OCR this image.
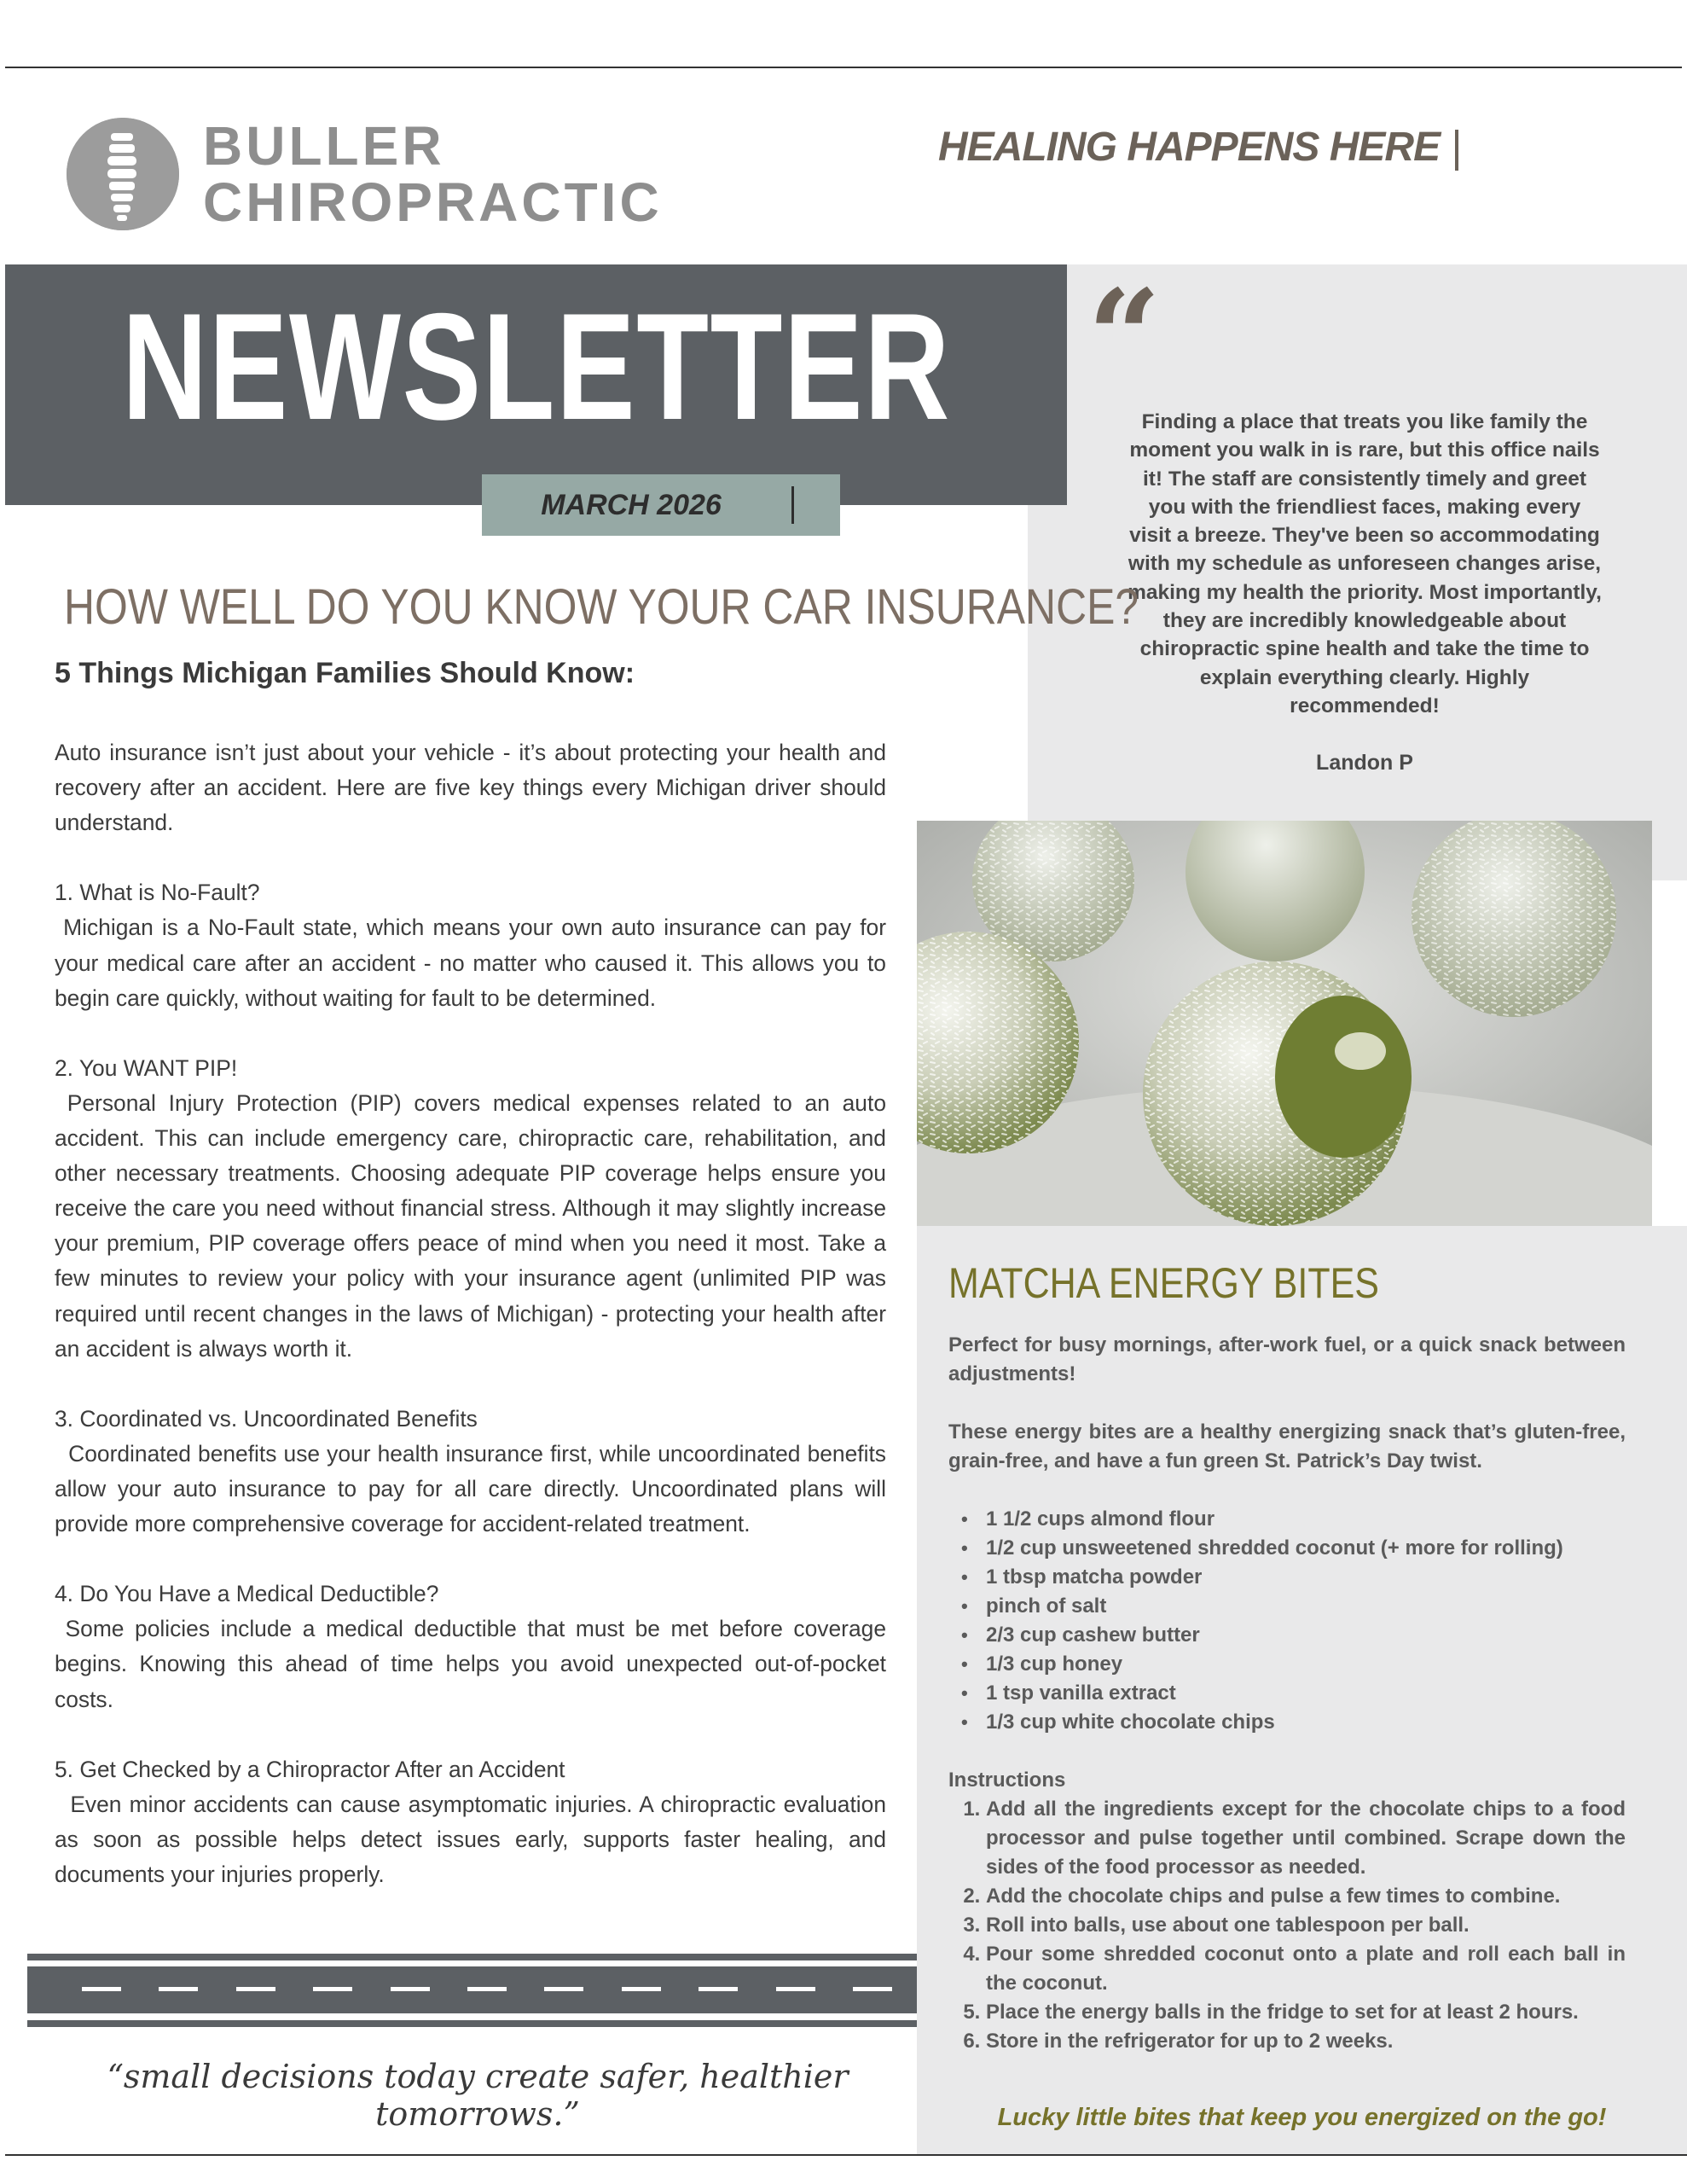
BULLER
CHIROPRACTIC
HEALING HAPPENS HERE
“
Finding a place that treats you like family the moment you walk in is rare, but this office nails it! The staff are consistently timely and greet you with the friendliest faces, making every visit a breeze. They've been so accommodating with my schedule as unforeseen changes arise, making my health the priority. Most importantly, they are incredibly knowledgeable about chiropractic spine health and take the time to explain everything clearly. Highly recommended!
Landon P
NEWSLETTER
MARCH 2026
HOW WELL DO YOU KNOW YOUR CAR INSURANCE?
5 Things Michigan Families Should Know:

Auto insurance isn’t just about your vehicle - it’s about protecting your health and recovery after an accident. Here are five key things every Michigan driver should understand.

1. What is No-Fault?

Michigan is a No-Fault state, which means your own auto insurance can pay for your medical care after an accident - no matter who caused it. This allows you to begin care quickly, without waiting for fault to be determined.

2. You WANT PIP!

Personal Injury Protection (PIP) covers medical expenses related to an auto accident. This can include emergency care, chiropractic care, rehabilitation, and other necessary treatments. Choosing adequate PIP coverage helps ensure you receive the care you need without financial stress. Although it may slightly increase your premium, PIP coverage offers peace of mind when you need it most. Take a few minutes to review your policy with your insurance agent (unlimited PIP was required until recent changes in the laws of Michigan) - protecting your health after an accident is always worth it.

3. Coordinated vs. Uncoordinated Benefits

Coordinated benefits use your health insurance first, while uncoordinated benefits allow your auto insurance to pay for all care directly. Uncoordinated plans will provide more comprehensive coverage for accident-related treatment.

4. Do You Have a Medical Deductible?

Some policies include a medical deductible that must be met before coverage begins. Knowing this ahead of time helps you avoid unexpected out-of-pocket costs.

5. Get Checked by a Chiropractor After an Accident

Even minor accidents can cause asymptomatic injuries. A chiropractic evaluation as soon as possible helps detect issues early, supports faster healing, and documents your injuries properly.

“small decisions today create safer, healthier tomorrows.”
MATCHA ENERGY BITES

Perfect for busy mornings, after-work fuel, or a quick snack between adjustments!

These energy bites are a healthy energizing snack that’s gluten-free, grain-free, and have a fun green St. Patrick’s Day twist.

• 1 1/2 cups almond flour
• 1/2 cup unsweetened shredded coconut (+ more for rolling)
• 1 tbsp matcha powder
• pinch of salt
• 2/3 cup cashew butter
• 1/3 cup honey
• 1 tsp vanilla extract
• 1/3 cup white chocolate chips

Instructions

1. Add all the ingredients except for the chocolate chips to a food processor and pulse together until combined. Scrape down the sides of the food processor as needed.
2. Add the chocolate chips and pulse a few times to combine.
3. Roll into balls, use about one tablespoon per ball.
4. Pour some shredded coconut onto a plate and roll each ball in the coconut.
5. Place the energy balls in the fridge to set for at least 2 hours.
6. Store in the refrigerator for up to 2 weeks.
Lucky little bites that keep you energized on the go!
